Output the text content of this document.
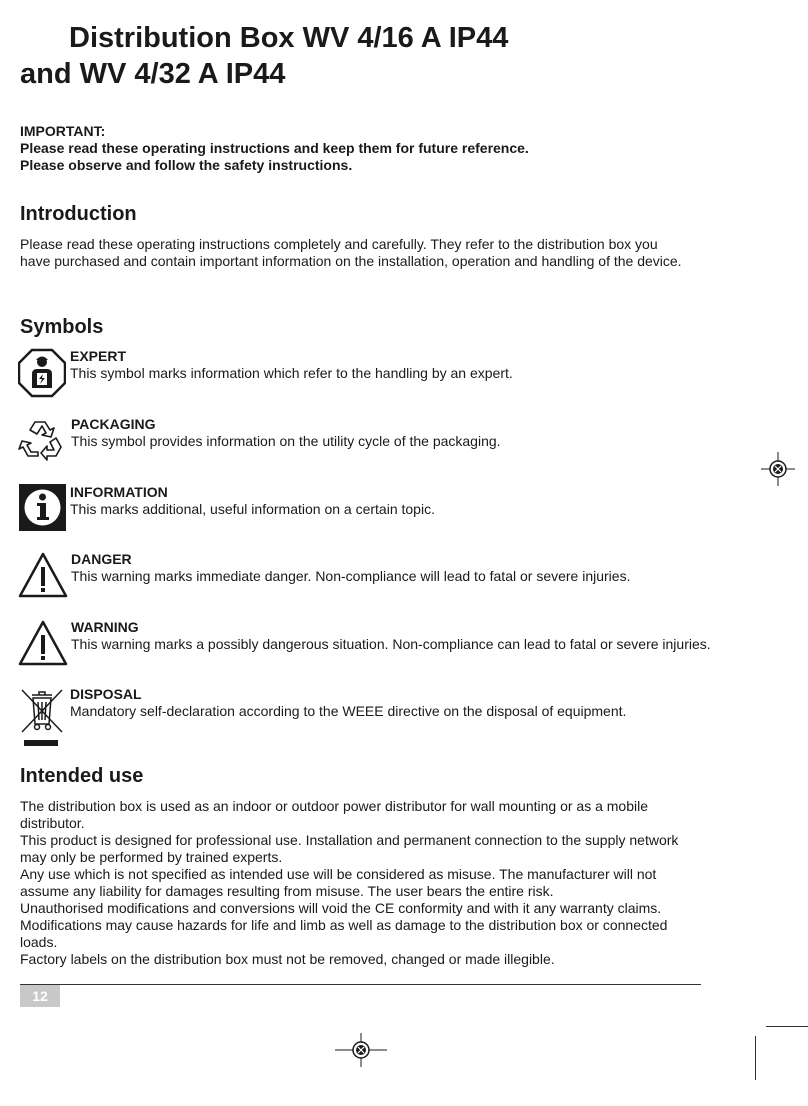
Distribution Box WV 4/16 A IP44
and WV 4/32 A IP44
IMPORTANT:
Please read these operating instructions and keep them for future reference.
Please observe and follow the safety instructions.
Introduction

Please read these operating instructions completely and carefully. They refer to the distribution box you have purchased and contain important information on the installation, operation and handling of the device.

Symbols
EXPERT
This symbol marks information which refer to the handling by an expert.
PACKAGING
This symbol provides information on the utility cycle of the packaging.
INFORMATION
This marks additional, useful information on a certain topic.
DANGER
This warning marks immediate danger. Non-compliance will lead to fatal or severe injuries.
WARNING
This warning marks a possibly dangerous situation. Non-compliance can lead to fatal or severe injuries.
DISPOSAL
Mandatory self-declaration according to the WEEE directive on the disposal of equipment.
Intended use

The distribution box is used as an indoor or outdoor power distributor for wall mounting or as a mobile distributor.

This product is designed for professional use. Installation and permanent connection to the supply network may only be performed by trained experts.

Any use which is not specified as intended use will be considered as misuse. The manufacturer will not assume any liability for damages resulting from misuse. The user bears the entire risk.

Unauthorised modifications and conversions will void the CE conformity and with it any warranty claims. Modifications may cause hazards for life and limb as well as damage to the distribution box or connected loads.

Factory labels on the distribution box must not be removed, changed or made illegible.

12
